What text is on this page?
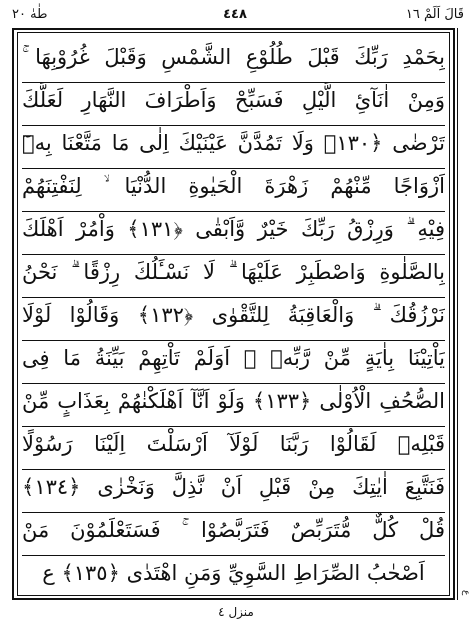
قَالَ اَلَمْ ١٦
٤٤٨
طٰهٰ ٢٠
بِحَمْدِ رَبِّكَ قَبْلَ طُلُوْعِ الشَّمْسِ وَقَبْلَ غُرُوْبِهَا ۚ
وَمِنْ اٰنَآئِ الَّيْلِ فَسَبِّحْ وَاَطْرَافَ النَّهَارِ لَعَلَّكَ
تَرْضٰى ﴿١٣٠﴾ وَلَا تَمُدَّنَّ عَيْنَيْكَ اِلٰى مَا مَتَّعْنَا بِهٖٓ
اَزْوَاجًا مِّنْهُمْ زَهْرَةَ الْحَيٰوةِ الدُّنْيَا ۙ لِنَفْتِنَهُمْ
فِيْهِ ۗ وَرِزْقُ رَبِّكَ خَيْرٌ وَّاَبْقٰى ﴿١٣١﴾ وَاْمُرْ اَهْلَكَ
بِالصَّلٰوةِ وَاصْطَبِرْ عَلَيْهَا ۗ لَا نَسْـَٔلُكَ رِزْقًا ۗ نَحْنُ
نَرْزُقُكَ ۗ وَالْعَاقِبَةُ لِلتَّقْوٰى ﴿١٣٢﴾ وَقَالُوْا لَوْلَا
يَاْتِيْنَا بِاٰيَةٍ مِّنْ رَّبِّهٖ ۗ اَوَلَمْ تَاْتِهِمْ بَيِّنَةُ مَا فِى
الصُّحُفِ الْاُوْلٰى ﴿١٣٣﴾ وَلَوْ اَنَّآ اَهْلَكْنٰهُمْ بِعَذَابٍ مِّنْ
قَبْلِهٖ لَقَالُوْا رَبَّنَا لَوْلَآ اَرْسَلْتَ اِلَيْنَا رَسُوْلًا
فَنَتَّبِعَ اٰيٰتِكَ مِنْ قَبْلِ اَنْ نَّذِلَّ وَنَخْزٰى ﴿١٣٤﴾
قُلْ كُلٌّ مُّتَرَبِّصٌ فَتَرَبَّصُوْا ۚ فَسَتَعْلَمُوْنَ مَنْ
اَصْحٰبُ الصِّرَاطِ السَّوِيِّ وَمَنِ اهْتَدٰى ﴿١٣٥﴾ ع
ع
منزل ٤
